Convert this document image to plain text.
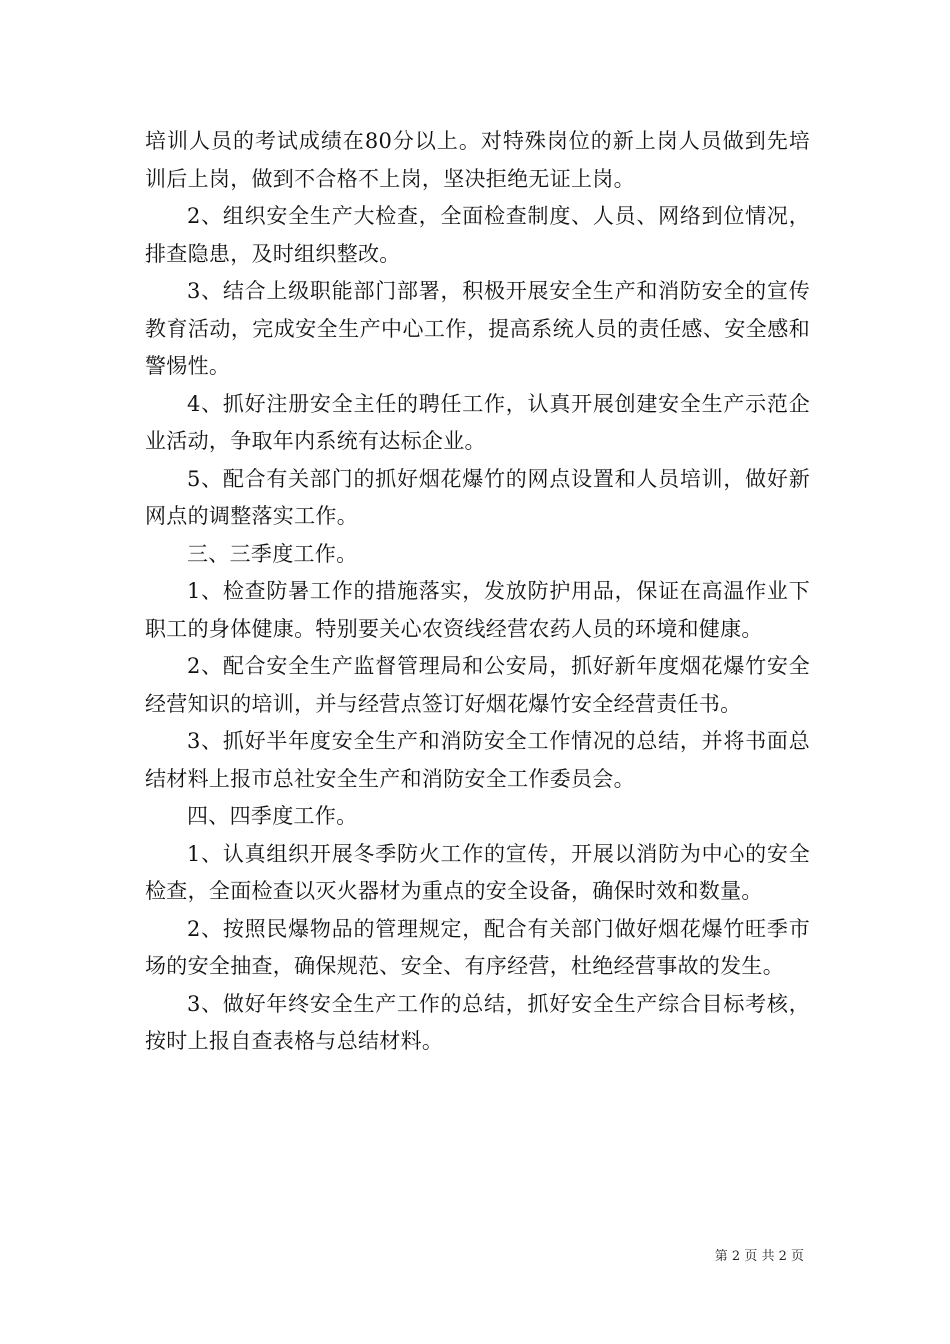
培训人员的考试成绩在80分以上。对特殊岗位的新上岗人员做到先培训后上岗，做到不合格不上岗，坚决拒绝无证上岗。

2、组织安全生产大检查，全面检查制度、人员、网络到位情况，排查隐患，及时组织整改。

3、结合上级职能部门部署，积极开展安全生产和消防安全的宣传教育活动，完成安全生产中心工作，提高系统人员的责任感、安全感和警惕性。

4、抓好注册安全主任的聘任工作，认真开展创建安全生产示范企业活动，争取年内系统有达标企业。

5、配合有关部门的抓好烟花爆竹的网点设置和人员培训，做好新网点的调整落实工作。

三、三季度工作。

1、检查防暑工作的措施落实，发放防护用品，保证在高温作业下职工的身体健康。特别要关心农资线经营农药人员的环境和健康。

2、配合安全生产监督管理局和公安局，抓好新年度烟花爆竹安全经营知识的培训，并与经营点签订好烟花爆竹安全经营责任书。

3、抓好半年度安全生产和消防安全工作情况的总结，并将书面总结材料上报市总社安全生产和消防安全工作委员会。

四、四季度工作。

1、认真组织开展冬季防火工作的宣传，开展以消防为中心的安全检查，全面检查以灭火器材为重点的安全设备，确保时效和数量。

2、按照民爆物品的管理规定，配合有关部门做好烟花爆竹旺季市场的安全抽查，确保规范、安全、有序经营，杜绝经营事故的发生。

3、做好年终安全生产工作的总结，抓好安全生产综合目标考核，按时上报自查表格与总结材料。

第 2 页 共 2 页
